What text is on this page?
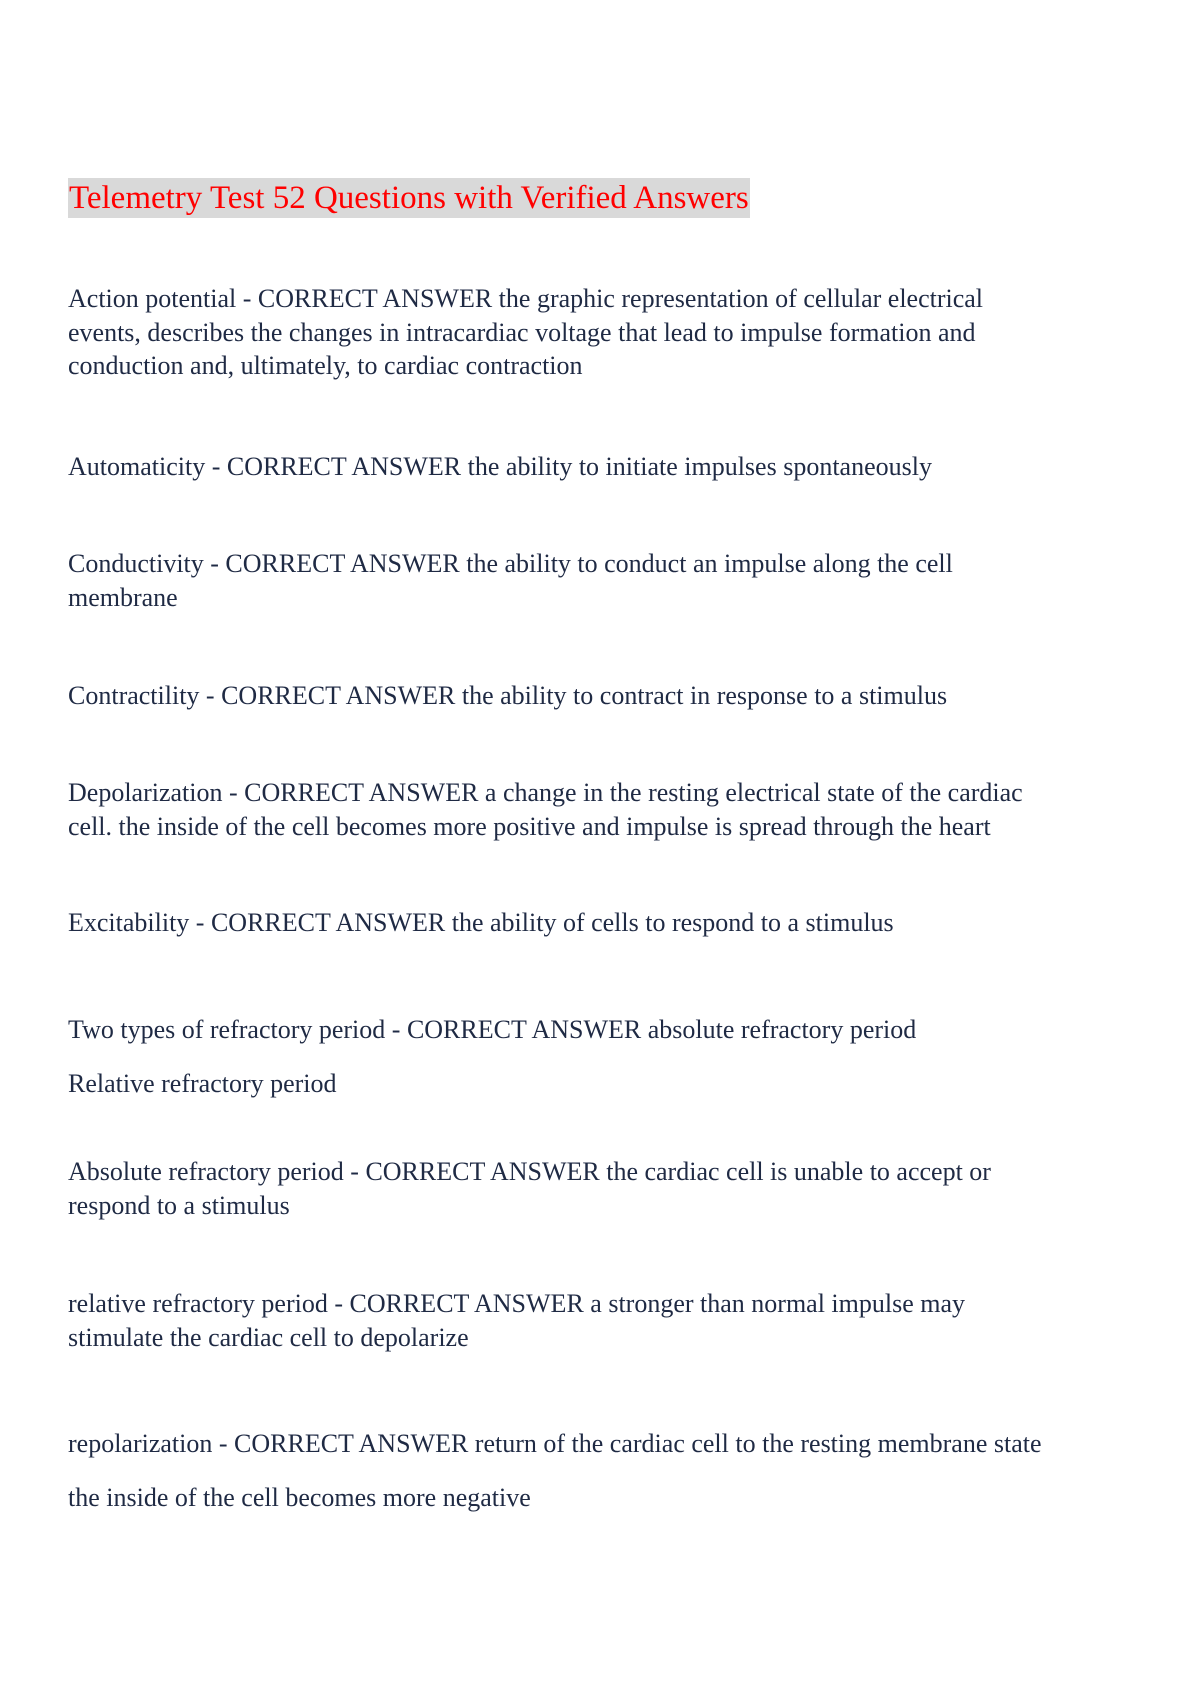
Telemetry Test 52 Questions with Verified Answers

Action potential - CORRECT ANSWER the graphic representation of cellular electrical
events, describes the changes in intracardiac voltage that lead to impulse formation and
conduction and, ultimately, to cardiac contraction

Automaticity - CORRECT ANSWER the ability to initiate impulses spontaneously

Conductivity - CORRECT ANSWER the ability to conduct an impulse along the cell
membrane

Contractility - CORRECT ANSWER the ability to contract in response to a stimulus

Depolarization - CORRECT ANSWER a change in the resting electrical state of the cardiac
cell. the inside of the cell becomes more positive and impulse is spread through the heart

Excitability - CORRECT ANSWER the ability of cells to respond to a stimulus

Two types of refractory period - CORRECT ANSWER absolute refractory period
Relative refractory period

Absolute refractory period - CORRECT ANSWER the cardiac cell is unable to accept or
respond to a stimulus

relative refractory period - CORRECT ANSWER a stronger than normal impulse may
stimulate the cardiac cell to depolarize

repolarization - CORRECT ANSWER return of the cardiac cell to the resting membrane state
the inside of the cell becomes more negative
